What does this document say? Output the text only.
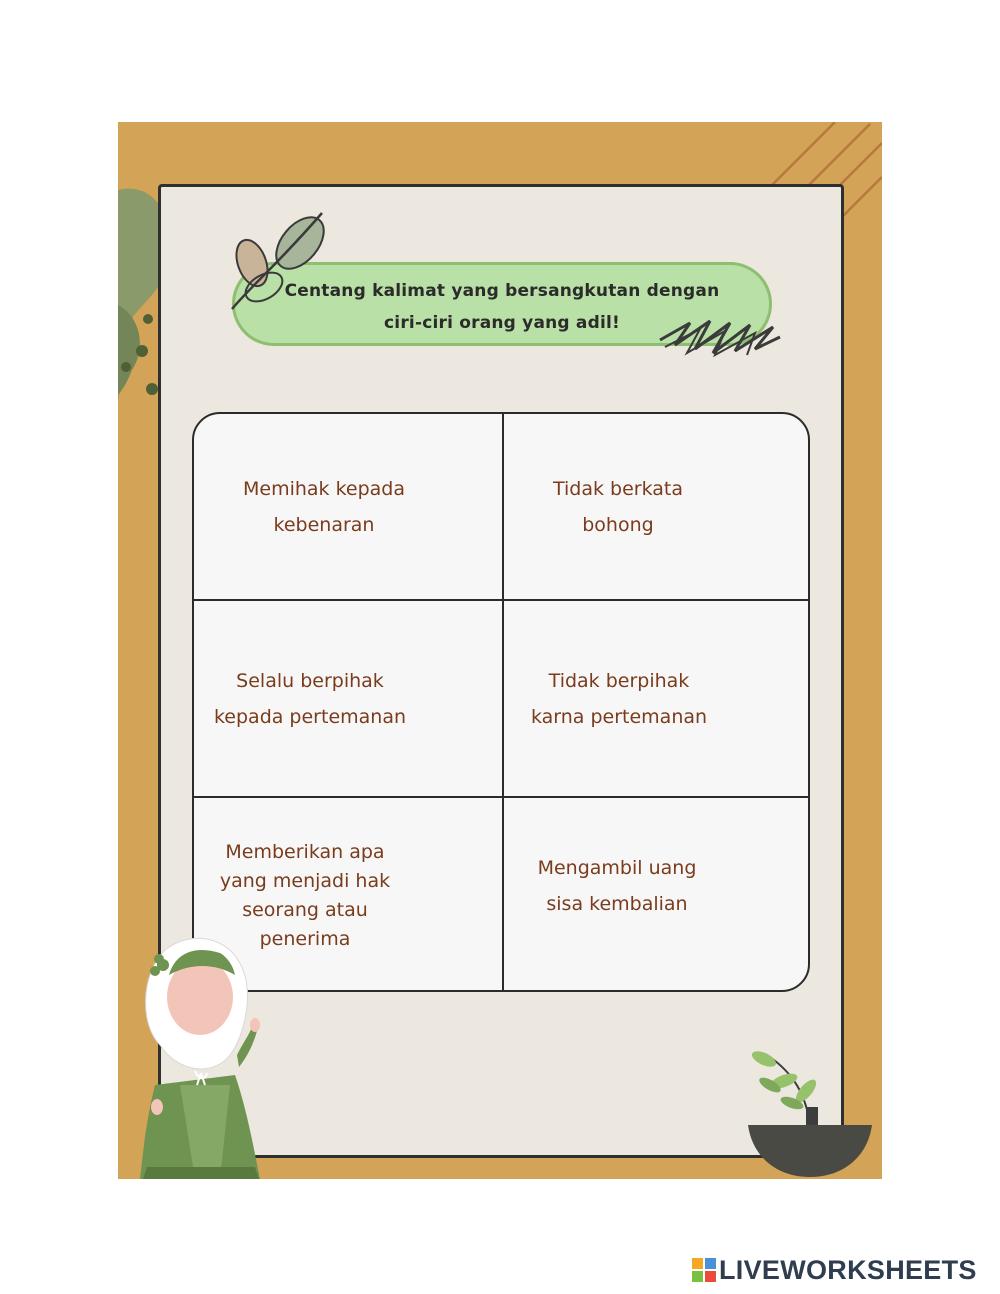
Centang kalimat yang bersangkutan dengan
ciri-ciri orang yang adil!
Memihak kepada
kebenaran
Tidak berkata
bohong
Selalu berpihak
kepada pertemanan
Tidak berpihak
karna pertemanan
Memberikan apa
yang menjadi hak
seorang atau
penerima
Mengambil uang
sisa kembalian
LIVEWORKSHEETS
